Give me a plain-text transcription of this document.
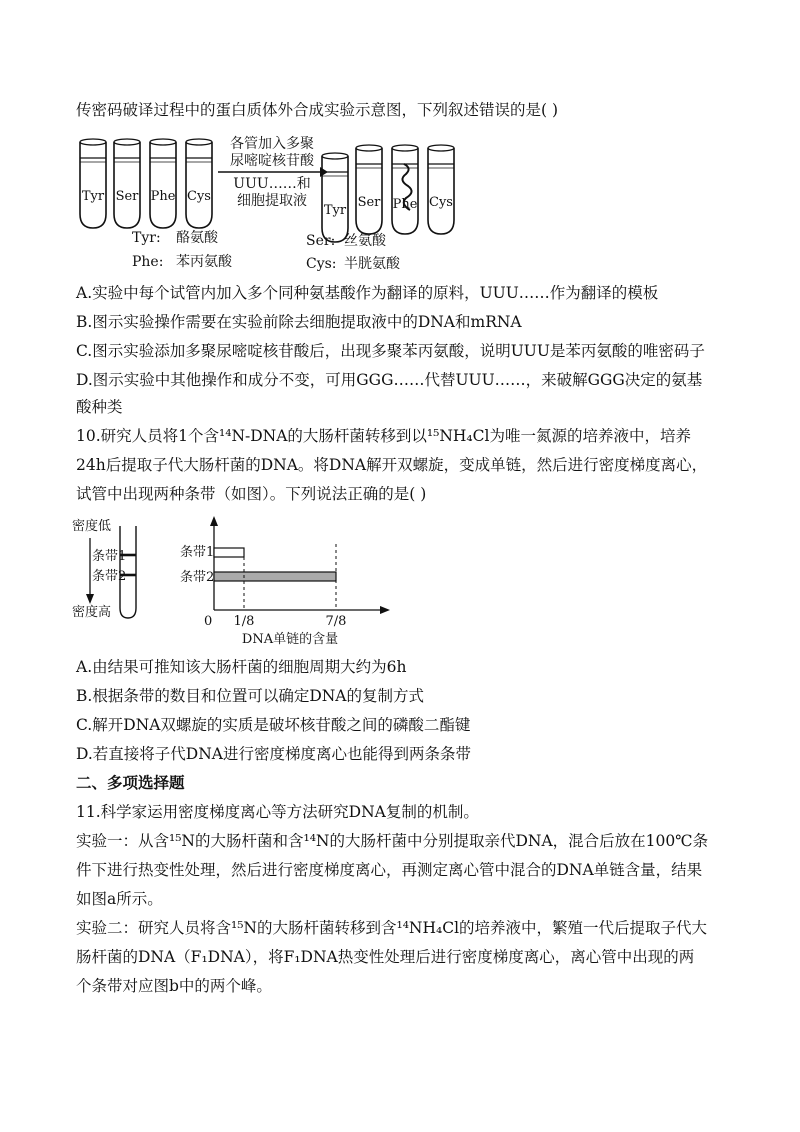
传密码破译过程中的蛋白质体外合成实验示意图，下列叙述错误的是( )
Tyr Ser Phe Cys
各管加入多聚
尿嘧啶核苷酸
UUU……和
细胞提取液
Tyr
Ser Phe Cys
Tyr: 酪氨酸	Ser: 丝氨酸
Phe: 苯丙氨酸	Cys: 半胱氨酸
A.实验中每个试管内加入多个同种氨基酸作为翻译的原料，UUU……作为翻译的模板
B.图示实验操作需要在实验前除去细胞提取液中的DNA和mRNA
C.图示实验添加多聚尿嘧啶核苷酸后，出现多聚苯丙氨酸，说明UUU是苯丙氨酸的唯密码子
D.图示实验中其他操作和成分不变，可用GGG……代替UUU……，来破解GGG决定的氨基
酸种类
10.研究人员将1个含¹⁴N-DNA的大肠杆菌转移到以¹⁵NH₄Cl为唯一氮源的培养液中，培养
24h后提取子代大肠杆菌的DNA。将DNA解开双螺旋，变成单链，然后进行密度梯度离心，
试管中出现两种条带（如图）。下列说法正确的是( )
密度低
密度高
条带1
条带2
条带1
条带2
0 1/8	7/8
DNA单链的含量
A.由结果可推知该大肠杆菌的细胞周期大约为6h
B.根据条带的数目和位置可以确定DNA的复制方式
C.解开DNA双螺旋的实质是破坏核苷酸之间的磷酸二酯键
D.若直接将子代DNA进行密度梯度离心也能得到两条条带
二、多项选择题
11.科学家运用密度梯度离心等方法研究DNA复制的机制。
实验一：从含¹⁵N的大肠杆菌和含¹⁴N的大肠杆菌中分别提取亲代DNA，混合后放在100℃条
件下进行热变性处理，然后进行密度梯度离心，再测定离心管中混合的DNA单链含量，结果
如图a所示。
实验二：研究人员将含¹⁵N的大肠杆菌转移到含¹⁴NH₄Cl的培养液中，繁殖一代后提取子代大
肠杆菌的DNA（F₁DNA），将F₁DNA热变性处理后进行密度梯度离心，离心管中出现的两
个条带对应图b中的两个峰。
